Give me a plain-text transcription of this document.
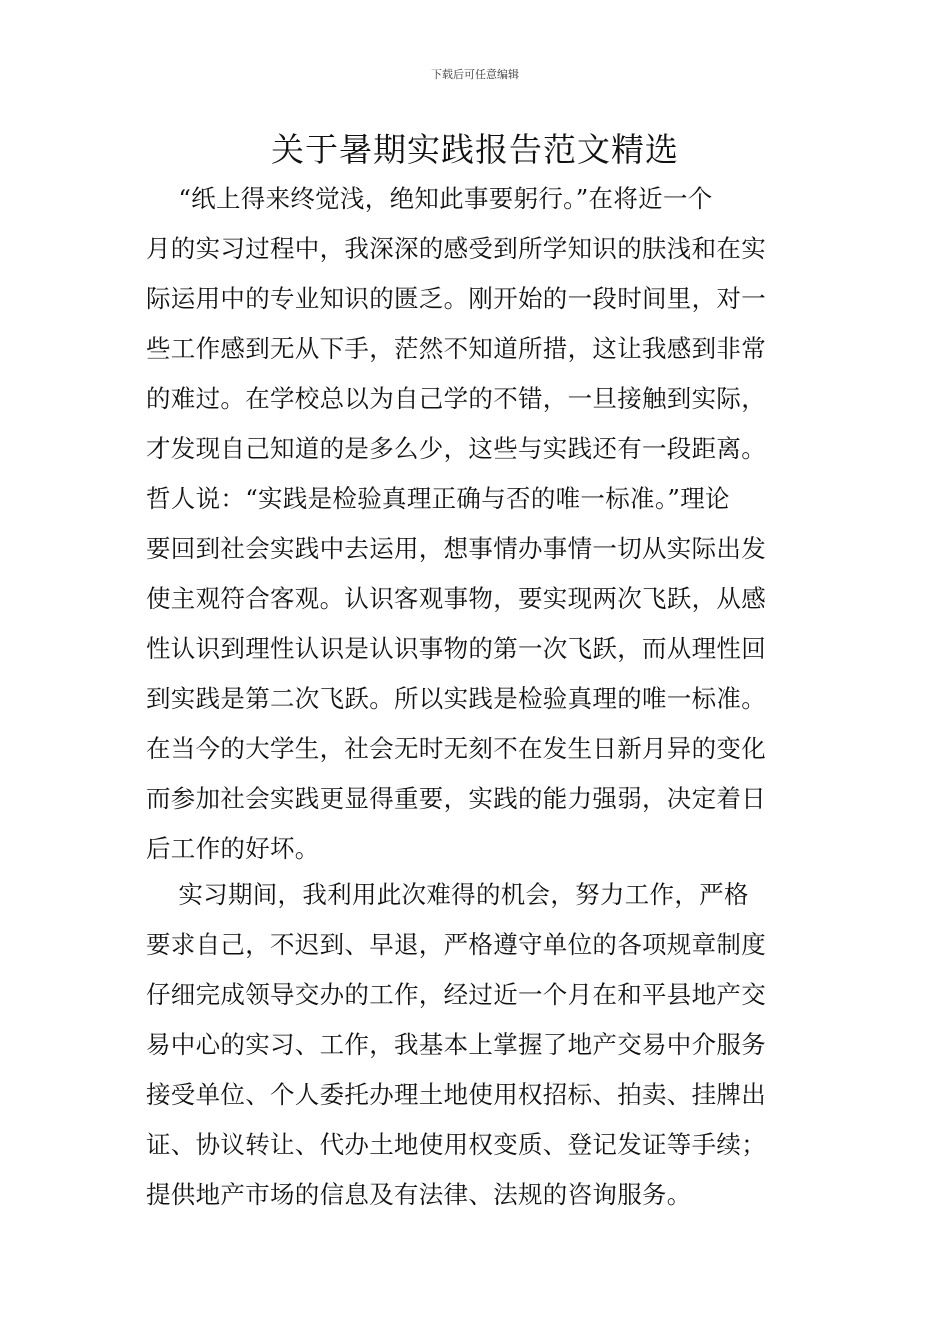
下载后可任意编辑
关于暑期实践报告范文精选
“纸上得来终觉浅，绝知此事要躬行。”在将近一个
月的实习过程中，我深深的感受到所学知识的肤浅和在实
际运用中的专业知识的匮乏。刚开始的一段时间里，对一
些工作感到无从下手，茫然不知道所措，这让我感到非常
的难过。在学校总以为自己学的不错，一旦接触到实际，
才发现自己知道的是多么少，这些与实践还有一段距离。
哲人说：“实践是检验真理正确与否的唯一标准。”理论
要回到社会实践中去运用，想事情办事情一切从实际出发
使主观符合客观。认识客观事物，要实现两次飞跃，从感
性认识到理性认识是认识事物的第一次飞跃，而从理性回
到实践是第二次飞跃。所以实践是检验真理的唯一标准。
在当今的大学生，社会无时无刻不在发生日新月异的变化
而参加社会实践更显得重要，实践的能力强弱，决定着日
后工作的好坏。
实习期间，我利用此次难得的机会，努力工作，严格
要求自己，不迟到、早退，严格遵守单位的各项规章制度
仔细完成领导交办的工作，经过近一个月在和平县地产交
易中心的实习、工作，我基本上掌握了地产交易中介服务
接受单位、个人委托办理土地使用权招标、拍卖、挂牌出
证、协议转让、代办土地使用权变质、登记发证等手续；
提供地产市场的信息及有法律、法规的咨询服务。
